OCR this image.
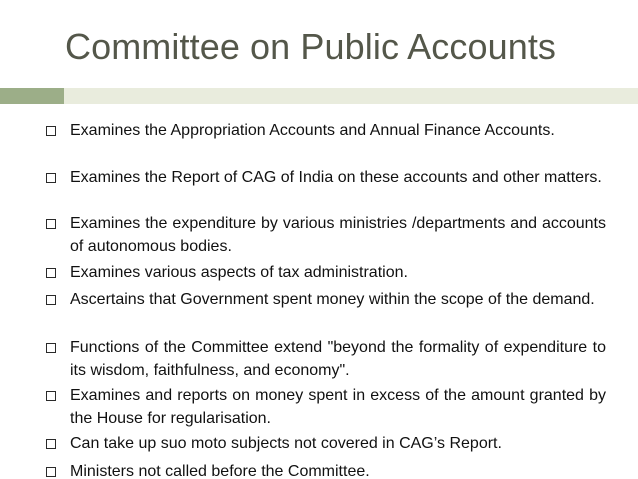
Committee on Public Accounts
Examines the Appropriation Accounts and Annual Finance Accounts.
Examines the Report of CAG of India on these accounts and other matters.
Examines the expenditure by various ministries /departments and accounts of autonomous bodies.
Examines various aspects of tax administration.
Ascertains that Government spent money within the scope of the demand.
Functions of the Committee extend "beyond the formality of expenditure to its wisdom, faithfulness, and economy".
Examines and reports on money spent in excess of the amount granted by the House for regularisation.
Can take up suo moto subjects not covered in CAG’s Report.
Ministers not called before the Committee.
